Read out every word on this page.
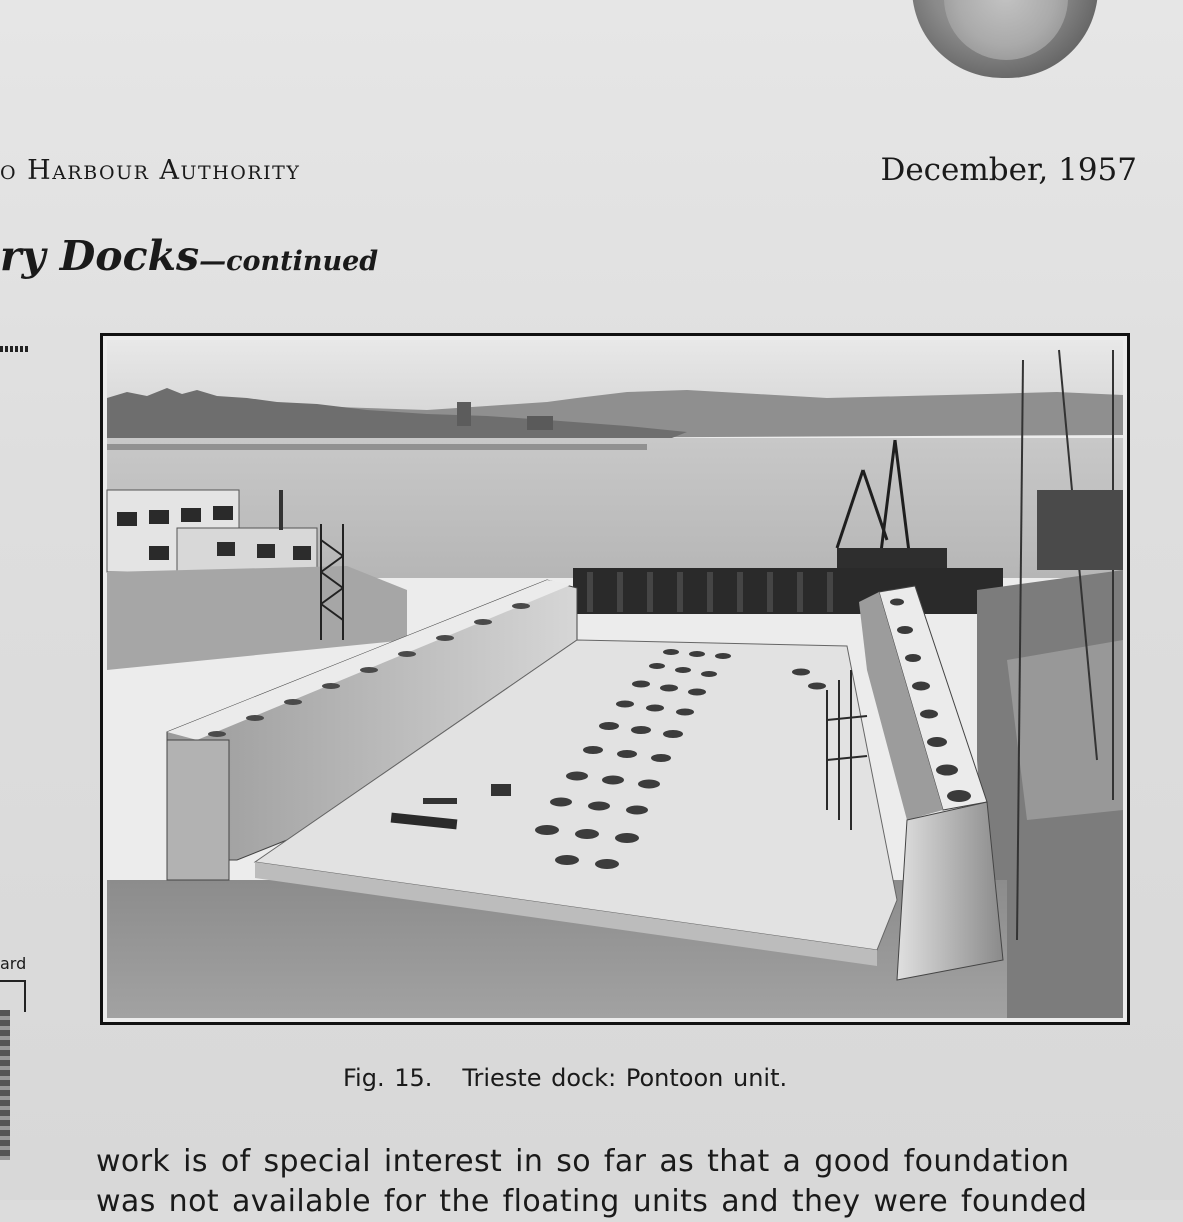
o Harbour Authority	December, 1957
ry Docks—continued
ard
Fig. 15. Trieste dock: Pontoon unit.
work is of special interest in so far as that a good foundation
was not available for the floating units and they were founded
